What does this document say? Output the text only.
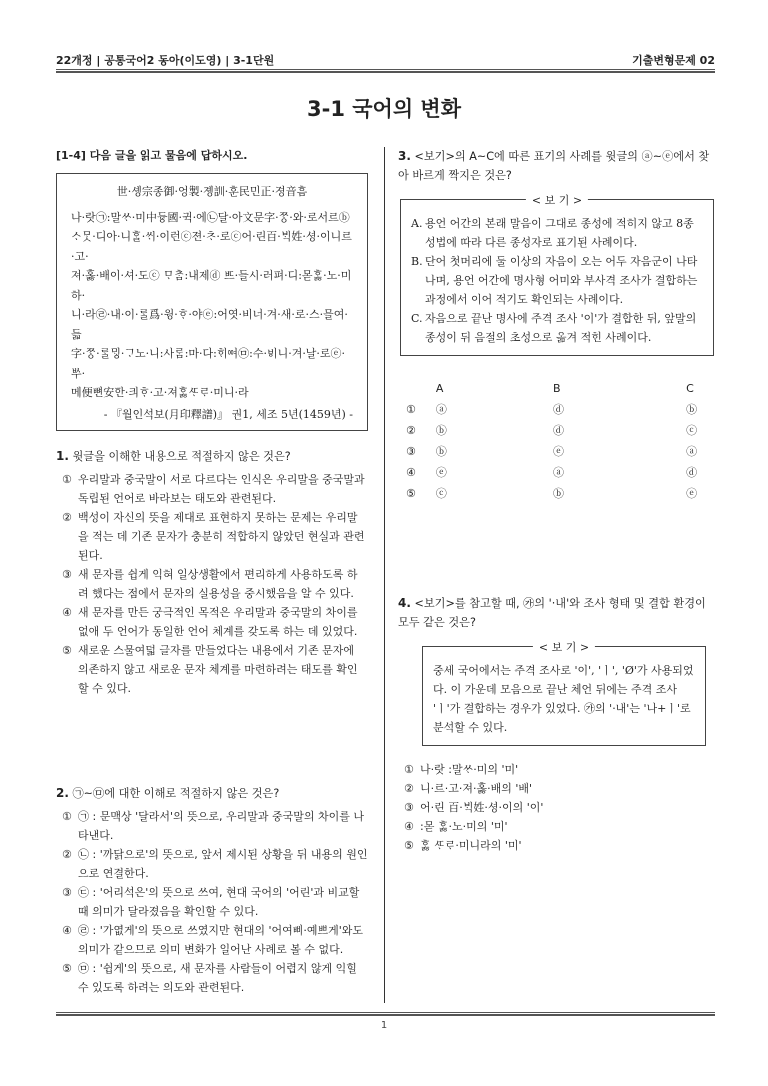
22개정 | 공통국어2 동아(이도영) | 3-1단원	기출변형문제 02
3-1 국어의 변화
[1-4] 다음 글을 읽고 물음에 답하시오.
世·솅宗종御·엉製·졩訓·훈民민正·졍音흠
나·랏㉠:말ᄊᆞ·미中듀ᇰ國·귁·에㉡달·아文문字·ᄍᆞᆼ·와·로서르ⓑ
ᄉᆞᄆᆞᆺ·디아·니ᄒᆞᆯ·ᄊᆡ·이런ⓒ젼·ᄎᆞ·로ⓒ어·린百·ᄇᆡᆨ姓·셩·이니르·고·
져·홇·배이·셔·도ⓒ ᄆᆞᄎᆞᆷ:내제ⓓ ᄠᅳ·들시·러펴·디:몯ᄒᆞᇙ·노·미하·
니·라㉣·내·이·ᄅᆞᆯ爲·윙·ᄒᆞ·야ⓔ:어엿·비너·겨·새·로·스·믈여·듧
字·ᄍᆞᆼ·ᄅᆞᆯᄆᆡᇰ·ᄀᆞ노·니:사ᄅᆞᆷ:마·다:ᄒᆡᅇᅧ㉤:수·ᄫᅵ니·겨·날·로ⓔ·ᄡᅮ·
메便뼌安ᅙᅡᆫ·킈ᄒᆞ·고·져ᄒᆞᇙᄯᆞᄅᆞ·미니·라
- 『월인석보(月印釋譜)』 권1, 세조 5년(1459년) -
1. 윗글을 이해한 내용으로 적절하지 않은 것은?
① 우리말과 중국말이 서로 다르다는 인식은 우리말을 중국말과 독립된 언어로 바라보는 태도와 관련된다.
② 백성이 자신의 뜻을 제대로 표현하지 못하는 문제는 우리말을 적는 데 기존 문자가 충분히 적합하지 않았던 현실과 관련된다.
③ 새 문자를 쉽게 익혀 일상생활에서 편리하게 사용하도록 하려 했다는 점에서 문자의 실용성을 중시했음을 알 수 있다.
④ 새 문자를 만든 궁극적인 목적은 우리말과 중국말의 차이를 없애 두 언어가 동일한 언어 체계를 갖도록 하는 데 있었다.
⑤ 새로운 스물여덟 글자를 만들었다는 내용에서 기존 문자에 의존하지 않고 새로운 문자 체계를 마련하려는 태도를 확인할 수 있다.
2. ㉠~㉤에 대한 이해로 적절하지 않은 것은?
① ㉠ : 문맥상 '달라서'의 뜻으로, 우리말과 중국말의 차이를 나타낸다.
② ㉡ : '까닭으로'의 뜻으로, 앞서 제시된 상황을 뒤 내용의 원인으로 연결한다.
③ ㉢ : '어리석은'의 뜻으로 쓰여, 현대 국어의 '어린'과 비교할 때 의미가 달라졌음을 확인할 수 있다.
④ ㉣ : '가엾게'의 뜻으로 쓰였지만 현대의 '어여삐·예쁘게'와도 의미가 같으므로 의미 변화가 일어난 사례로 볼 수 없다.
⑤ ㉤ : '쉽게'의 뜻으로, 새 문자를 사람들이 어렵지 않게 익힐 수 있도록 하려는 의도와 관련된다.
3. <보기>의 A~C에 따른 표기의 사례를 윗글의 ⓐ~ⓔ에서 찾아 바르게 짝지은 것은?
< 보 기 >
A. 용언 어간의 본래 말음이 그대로 종성에 적히지 않고 8종성법에 따라 다른 종성자로 표기된 사례이다.
B. 단어 첫머리에 둘 이상의 자음이 오는 어두 자음군이 나타나며, 용언 어간에 명사형 어미와 부사격 조사가 결합하는 과정에서 이어 적기도 확인되는 사례이다.
C. 자음으로 끝난 명사에 주격 조사 '이'가 결합한 뒤, 앞말의 종성이 뒤 음절의 초성으로 옮겨 적힌 사례이다.
	A	B	C
①	ⓐ	ⓓ	ⓑ
②	ⓑ	ⓓ	ⓒ
③	ⓑ	ⓔ	ⓐ
④	ⓔ	ⓐ	ⓓ
⑤	ⓒ	ⓑ	ⓔ
4. <보기>를 참고할 때, ㉮의 '·내'와 조사 형태 및 결합 환경이 모두 같은 것은?
< 보 기 >
중세 국어에서는 주격 조사로 '이', 'ㅣ', 'Ø'가 사용되었다. 이 가운데 모음으로 끝난 체언 뒤에는 주격 조사 'ㅣ'가 결합하는 경우가 있었다. ㉮의 '·내'는 '나+ㅣ'로 분석할 수 있다.
① 나·랏 :말ᄊᆞ·미의 '미'
② 니·르·고·져·홇·배의 '배'
③ 어·린 百·ᄇᆡᆨ姓·셩·이의 '이'
④ :몯 ᄒᆞᇙ·노·미의 '미'
⑤ ᄒᆞᇙ ᄯᆞᄅᆞ·미니라의 '미'
1
